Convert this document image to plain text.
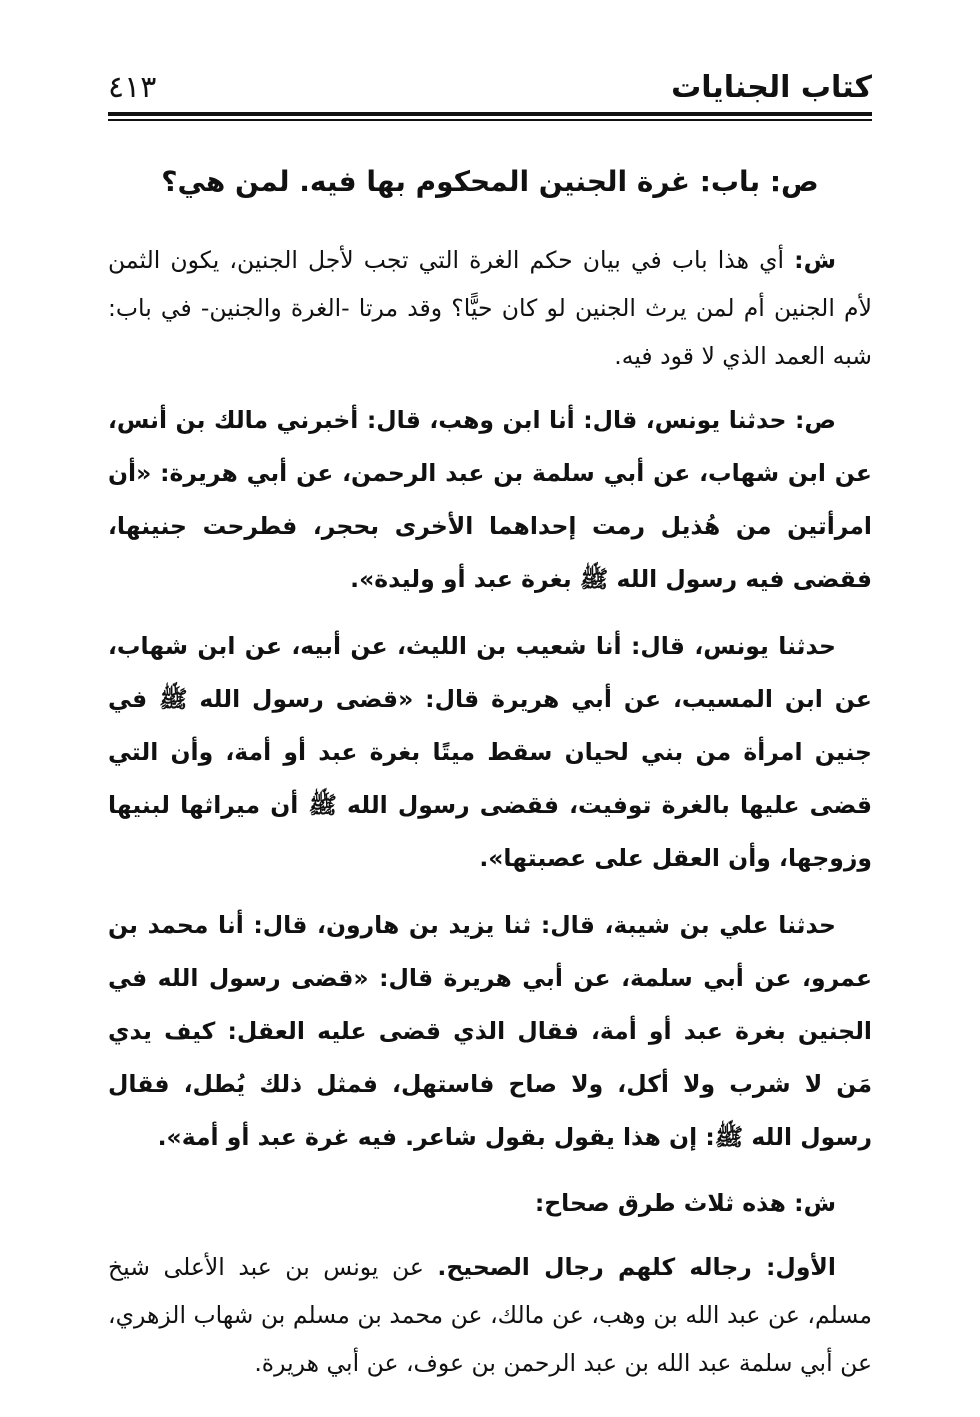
كتاب الجنايات
٤١٣
ص: باب: غرة الجنين المحكوم بها فيه. لمن هي؟

ش: أي هذا باب في بيان حكم الغرة التي تجب لأجل الجنين، يكون الثمن لأم الجنين أم لمن يرث الجنين لو كان حيًّا؟ وقد مرتا -الغرة والجنين- في باب: شبه العمد الذي لا قود فيه.

ص: حدثنا يونس، قال: أنا ابن وهب، قال: أخبرني مالك بن أنس، عن ابن شهاب، عن أبي سلمة بن عبد الرحمن، عن أبي هريرة: «أن امرأتين من هُذيل رمت إحداهما الأخرى بحجر، فطرحت جنينها، فقضى فيه رسول الله ﷺ بغرة عبد أو وليدة».

حدثنا يونس، قال: أنا شعيب بن الليث، عن أبيه، عن ابن شهاب، عن ابن المسيب، عن أبي هريرة قال: «قضى رسول الله ﷺ في جنين امرأة من بني لحيان سقط ميتًا بغرة عبد أو أمة، وأن التي قضى عليها بالغرة توفيت، فقضى رسول الله ﷺ أن ميراثها لبنيها وزوجها، وأن العقل على عصبتها».

حدثنا علي بن شيبة، قال: ثنا يزيد بن هارون، قال: أنا محمد بن عمرو، عن أبي سلمة، عن أبي هريرة قال: «قضى رسول الله في الجنين بغرة عبد أو أمة، فقال الذي قضى عليه العقل: كيف يدي مَن لا شرب ولا أكل، ولا صاح فاستهل، فمثل ذلك يُطل، فقال رسول الله ﷺ: إن هذا يقول بقول شاعر. فيه غرة عبد أو أمة».

ش: هذه ثلاث طرق صحاح:

الأول: رجاله كلهم رجال الصحيح. عن يونس بن عبد الأعلى شيخ مسلم، عن عبد الله بن وهب، عن مالك، عن محمد بن مسلم بن شهاب الزهري، عن أبي سلمة عبد الله بن عبد الرحمن بن عوف، عن أبي هريرة.
